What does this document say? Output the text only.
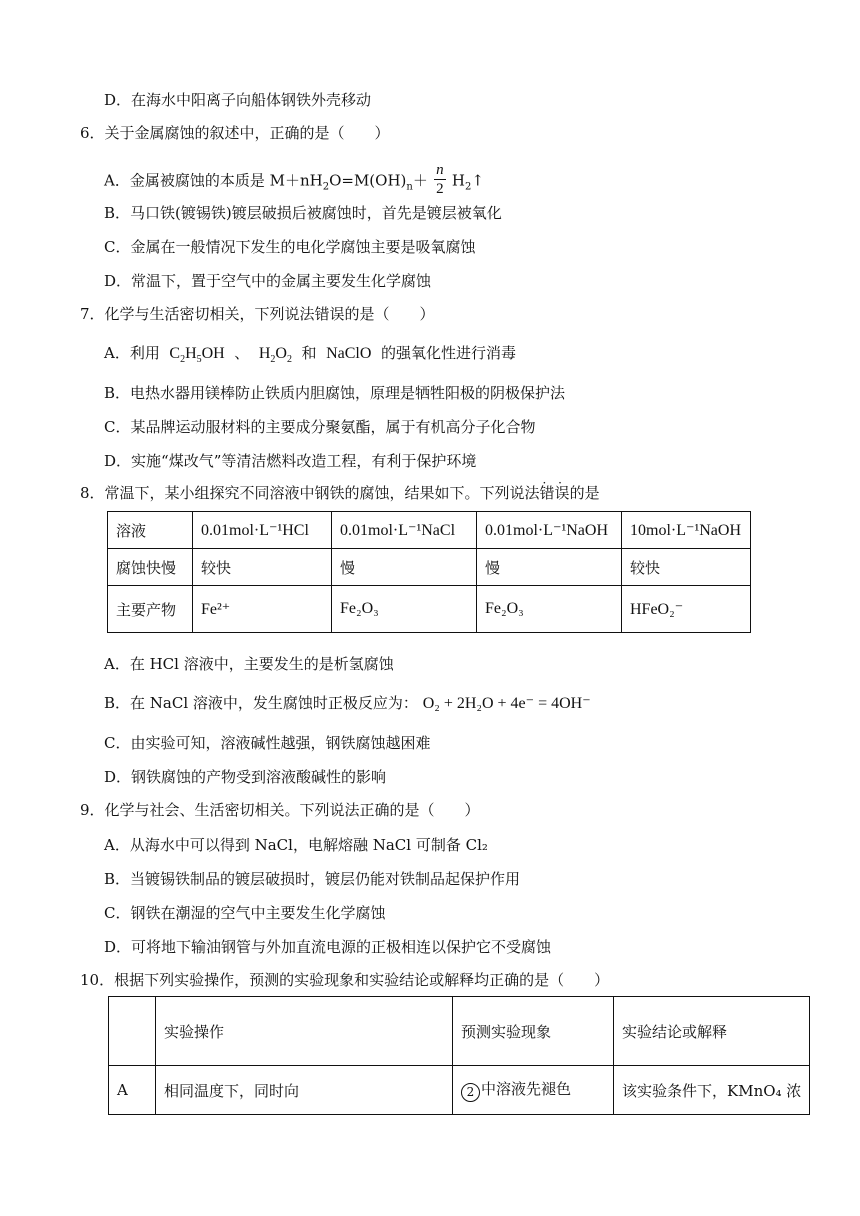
D．在海水中阳离子向船体钢铁外壳移动
6．关于金属腐蚀的叙述中，正确的是（　　）
A．金属被腐蚀的本质是 $M+nH_2O=M(OH)_n+ \frac{n}{2}$ $H_2↑$
B．马口铁(镀锡铁)镀层破损后被腐蚀时，首先是镀层被氧化
C．金属在一般情况下发生的电化学腐蚀主要是吸氧腐蚀
D．常温下，置于空气中的金属主要发生化学腐蚀
7．化学与生活密切相关，下列说法错误的是（　　）
A．利用 $C_2H_5OH$ 、 $H_2O_2$ 和 NaClO 的强氧化性进行消毒
B．电热水器用镁棒防止铁质内胆腐蚀，原理是牺牲阳极的阴极保护法
C．某品牌运动服材料的主要成分聚氨酯，属于有机高分子化合物
D．实施“煤改气”等清洁燃料改造工程，有利于保护环境
8．常温下，某小组探究不同溶液中钢铁的腐蚀，结果如下。下列说法错误 · ·的是
溶液	0.01mol·L⁻¹HCl	0.01mol·L⁻¹NaCl	0.01mol·L⁻¹NaOH	10mol·L⁻¹NaOH
腐蚀快慢	较快	慢	慢	较快
主要产物	Fe²⁺	Fe₂O₃	Fe₂O₃	HFeO₂⁻
A．在 HCl 溶液中，主要发生的是析氢腐蚀
B．在 NaCl 溶液中，发生腐蚀时正极反应为： O₂ + 2H₂O + 4e⁻ = 4OH⁻
C．由实验可知，溶液碱性越强，钢铁腐蚀越困难
D．钢铁腐蚀的产物受到溶液酸碱性的影响
9．化学与社会、生活密切相关。下列说法正确的是（　　）
A．从海水中可以得到 NaCl，电解熔融 NaCl 可制备 Cl₂
B．当镀锡铁制品的镀层破损时，镀层仍能对铁制品起保护作用
C．钢铁在潮湿的空气中主要发生化学腐蚀
D．可将地下输油钢管与外加直流电源的正极相连以保护它不受腐蚀
10．根据下列实验操作，预测的实验现象和实验结论或解释均正确的是（　　）
	实验操作	预测实验现象	实验结论或解释
A	相同温度下，同时向	2 中溶液先褪色	该实验条件下，KMnO₄ 浓
